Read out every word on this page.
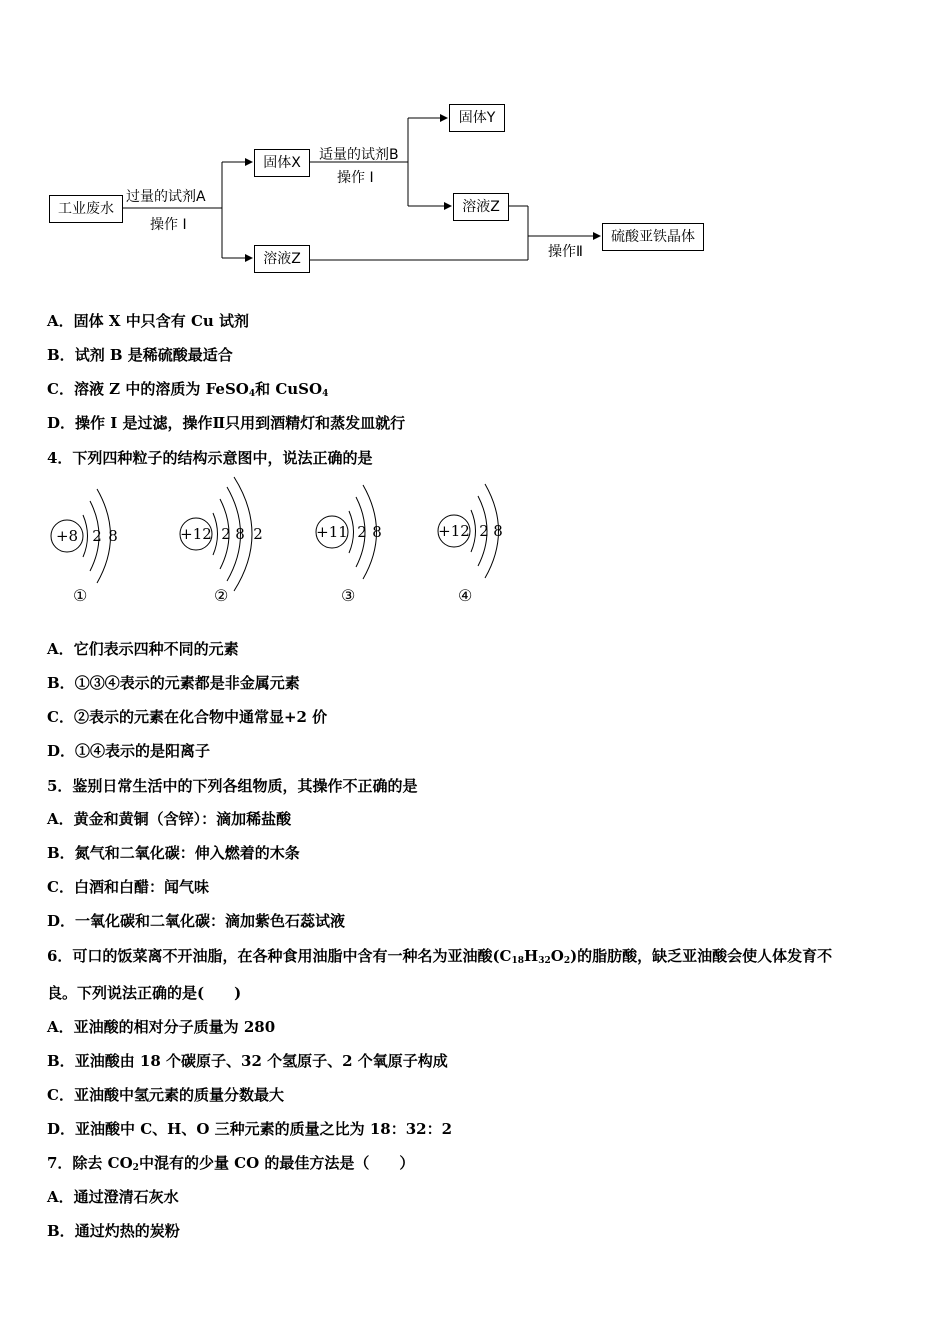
工业废水
固体X
溶液Z
固体Y
溶液Z
硫酸亚铁晶体
过量的试剂A
操作 I
适量的试剂B
操作 I
操作Ⅱ
A．固体 X 中只含有 Cu 试剂
B．试剂 B 是稀硫酸最适合
C．溶液 Z 中的溶质为 FeSO$_4$和 CuSO$_4$
D．操作 I 是过滤，操作Ⅱ只用到酒精灯和蒸发皿就行
4．下列四种粒子的结构示意图中，说法正确的是
+8 2 8	+12 2 8 2	+11 2 8	+12 2 8
①	②	③	④
A．它们表示四种不同的元素
B．①③④表示的元素都是非金属元素
C．②表示的元素在化合物中通常显+2 价
D．①④表示的是阳离子
5．鉴别日常生活中的下列各组物质，其操作不正确的是
A．黄金和黄铜（含锌）：滴加稀盐酸
B．氮气和二氧化碳：伸入燃着的木条
C．白酒和白醋：闻气味
D．一氧化碳和二氧化碳：滴加紫色石蕊试液
6．可口的饭菜离不开油脂，在各种食用油脂中含有一种名为亚油酸$(C_{18}H_{32}O_2)$的脂肪酸，缺乏亚油酸会使人体发育不
良。下列说法正确的是(　　)
A．亚油酸的相对分子质量为 280
B．亚油酸由 18 个碳原子、32 个氢原子、2 个氧原子构成
C．亚油酸中氢元素的质量分数最大
D．亚油酸中 C、H、O 三种元素的质量之比为 18：32：2
7．除去 $CO_2$中混有的少量 CO 的最佳方法是（　　）
A．通过澄清石灰水
B．通过灼热的炭粉
